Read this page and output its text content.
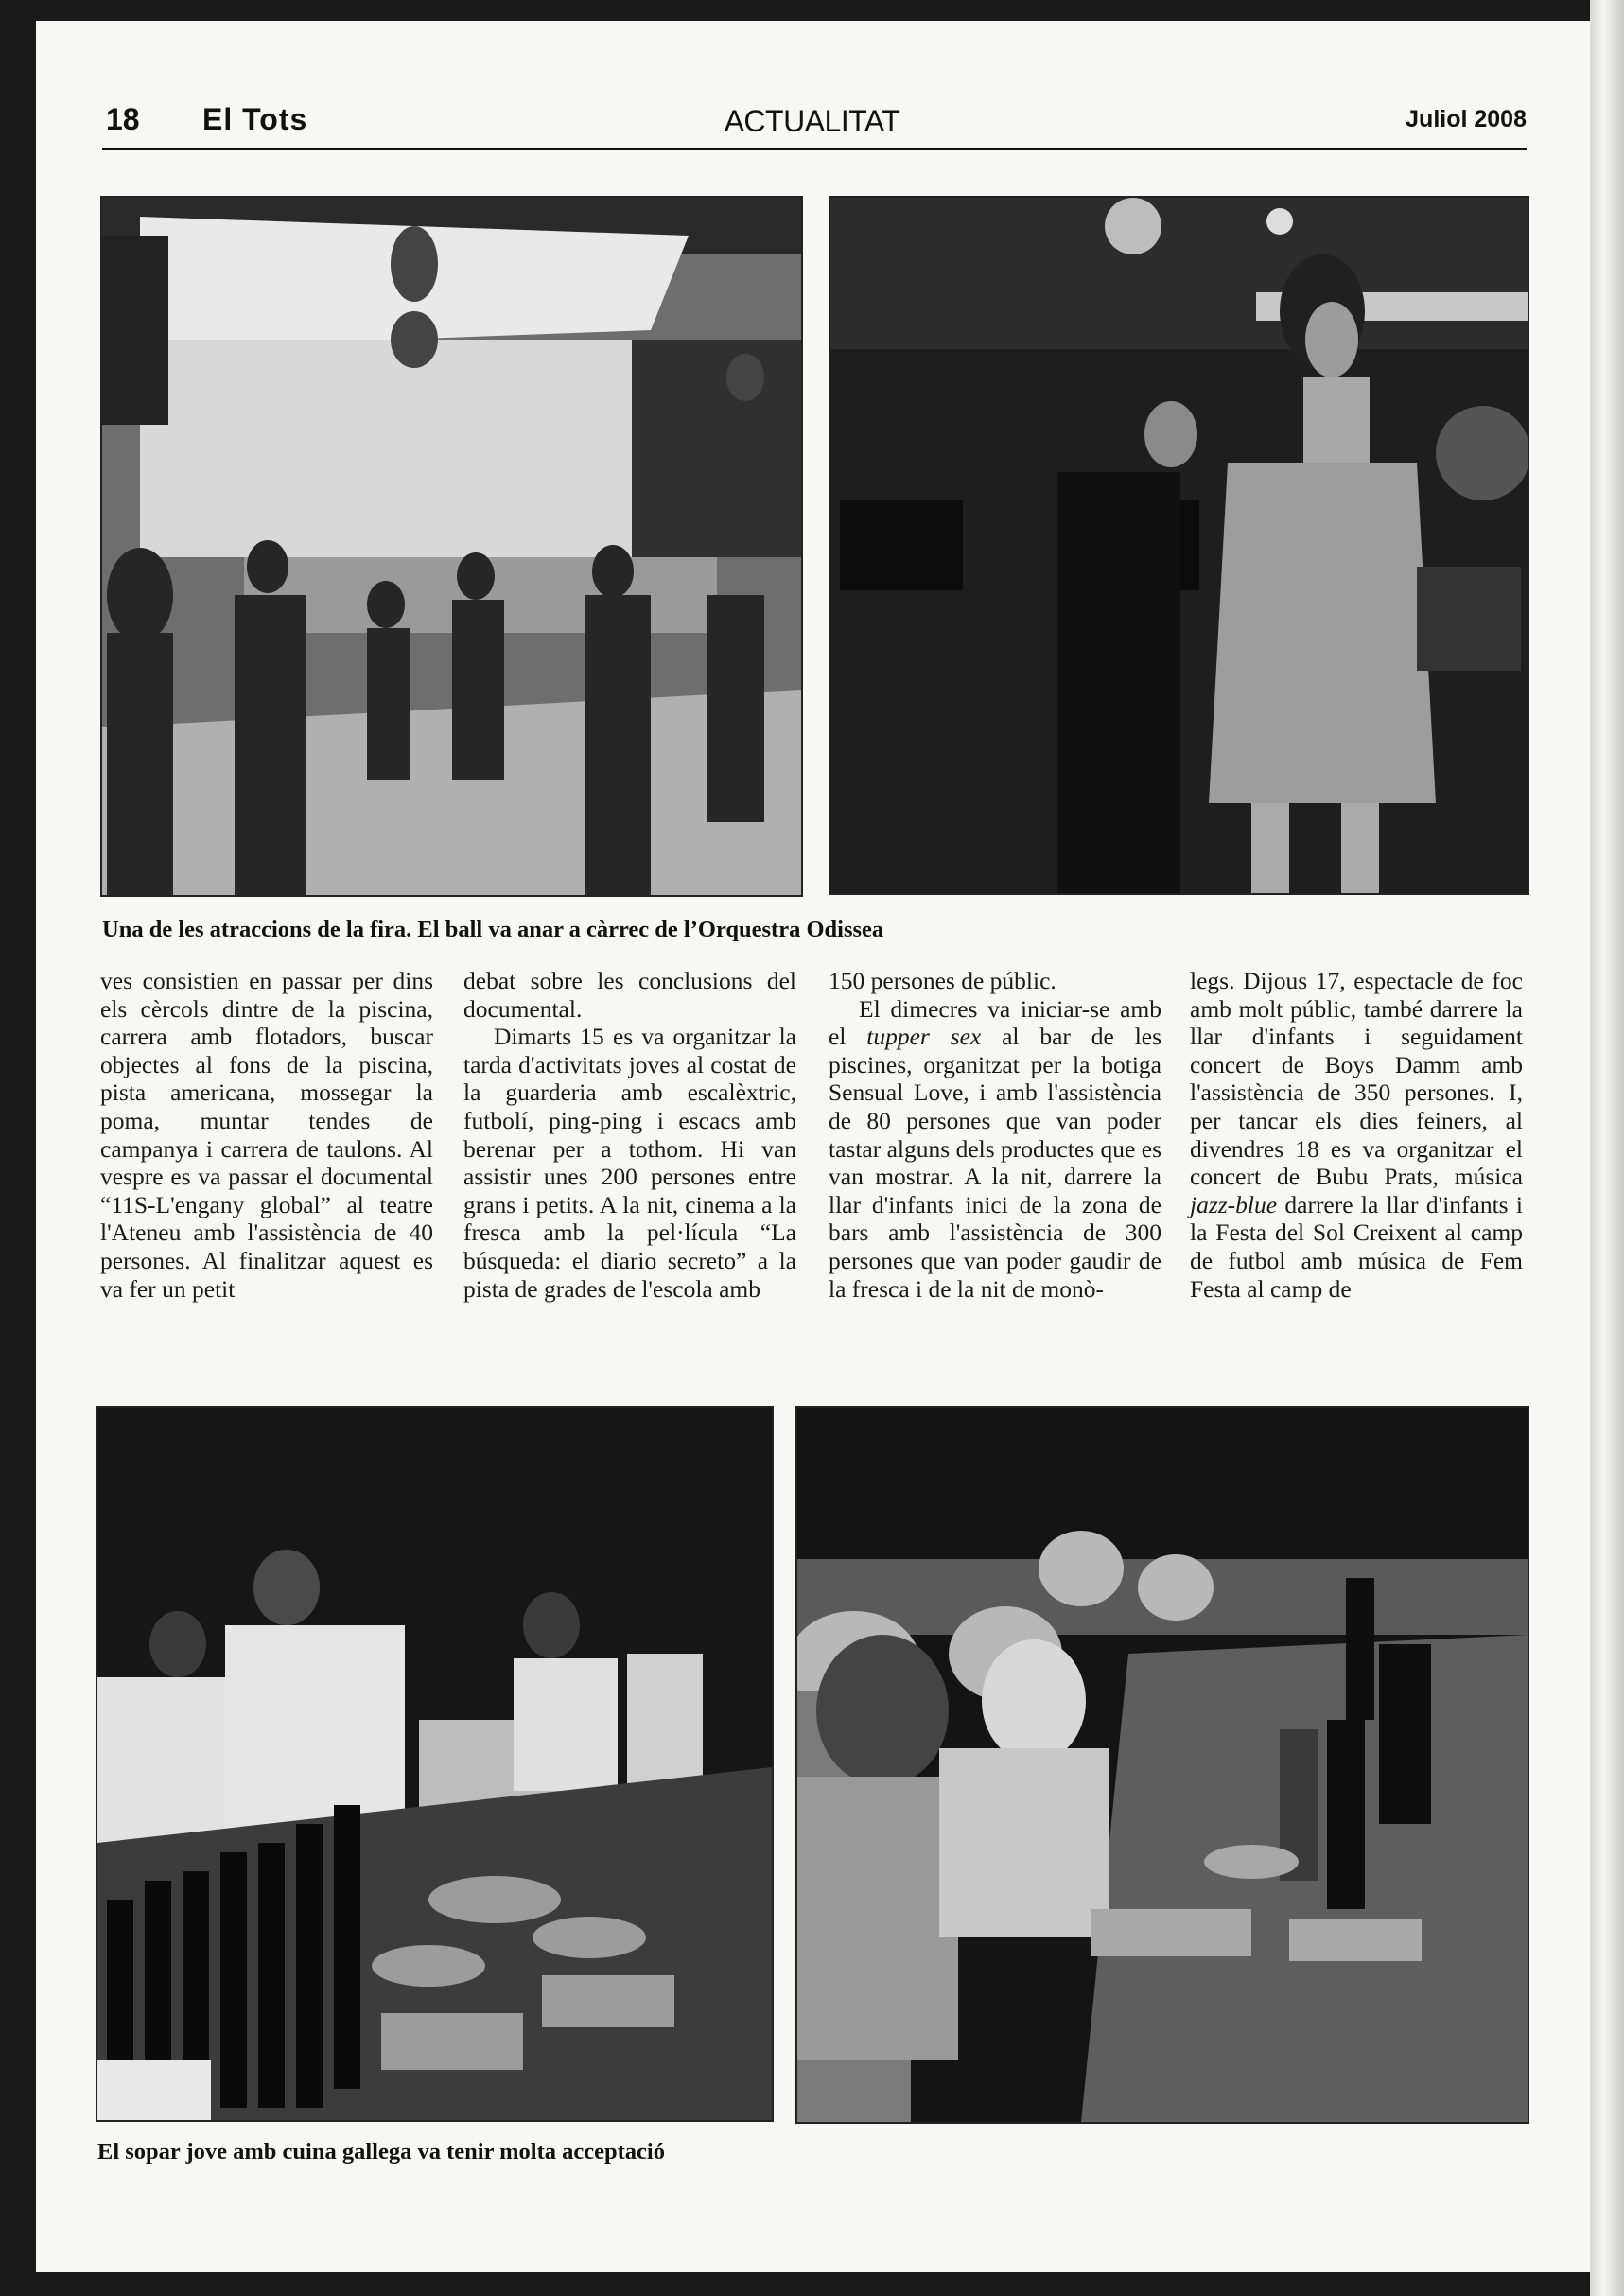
18 El Tots	ACTUALITAT	Juliol 2008
Una de les atraccions de la fira. El ball va anar a càrrec de l’Orquestra Odissea

ves consistien en passar per dins els cèrcols dintre de la piscina, carrera amb flotadors, buscar objectes al fons de la piscina, pista americana, mossegar la poma, muntar tendes de campanya i carrera de taulons. Al vespre es va passar el documental “11S-L'engany global” al teatre l'Ateneu amb l'assistència de 40 persones. Al finalitzar aquest es va fer un petit

debat sobre les conclusions del documental.

Dimarts 15 es va organitzar la tarda d'activitats joves al costat de la guarderia amb escalèxtric, futbolí, ping-ping i escacs amb berenar per a tothom. Hi van assistir unes 200 persones entre grans i petits. A la nit, cinema a la fresca amb la pel·lícula “La búsqueda: el diario secreto” a la pista de grades de l'escola amb

150 persones de públic.

El dimecres va iniciar-se amb el tupper sex al bar de les piscines, organitzat per la botiga Sensual Love, i amb l'assistència de 80 persones que van poder tastar alguns dels productes que es van mostrar. A la nit, darrere la llar d'infants inici de la zona de bars amb l'assistència de 300 persones que van poder gaudir de la fresca i de la nit de monò-

legs. Dijous 17, espectacle de foc amb molt públic, també darrere la llar d'infants i seguidament concert de Boys Damm amb l'assistència de 350 persones. I, per tancar els dies feiners, al divendres 18 es va organitzar el concert de Bubu Prats, música jazz-blue darrere la llar d'infants i la Festa del Sol Creixent al camp de futbol amb música de Fem Festa al camp de

El sopar jove amb cuina gallega va tenir molta acceptació
